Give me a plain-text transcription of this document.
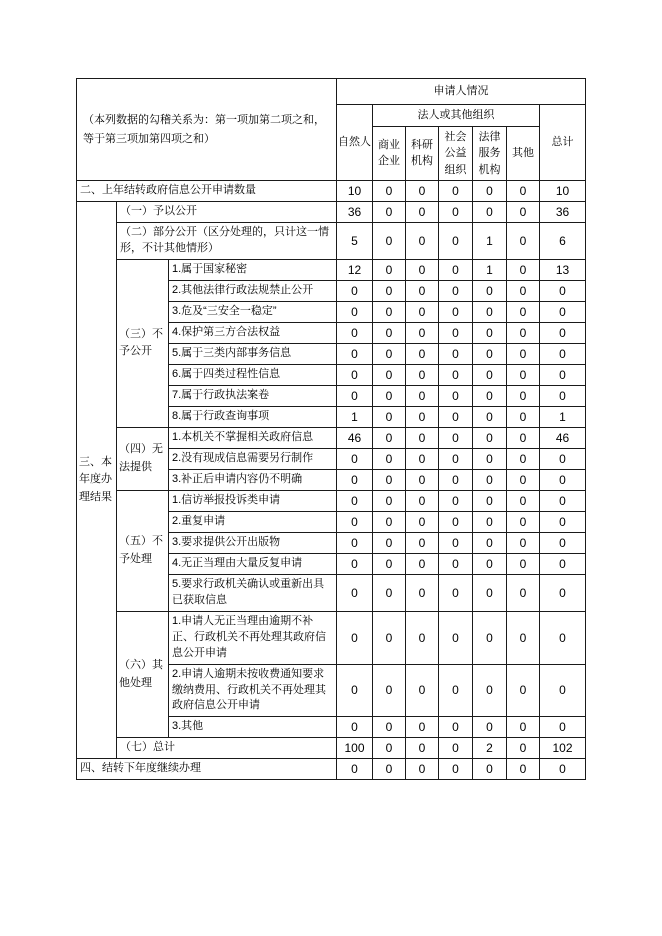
（本列数据的勾稽关系为：第一项加第二项之和，等于第三项加第四项之和）			申请人情况						
			自然人	法人或其他组织					总计
				商业企业	科研机构	社会公益组织	法律服务机构	其他	
二、上年结转政府信息公开申请数量			10	0	0	0	0	0	10
三、本年度办理结果	（一）予以公开		36	0	0	0	0	0	36
	（二）部分公开（区分处理的，只计这一情形，不计其他情形）		5	0	0	0	1	0	6
	（三）不予公开	1.属于国家秘密	12	0	0	0	1	0	13
		2.其他法律行政法规禁止公开	0	0	0	0	0	0	0
		3.危及“三安全一稳定”	0	0	0	0	0	0	0
		4.保护第三方合法权益	0	0	0	0	0	0	0
		5.属于三类内部事务信息	0	0	0	0	0	0	0
		6.属于四类过程性信息	0	0	0	0	0	0	0
		7.属于行政执法案卷	0	0	0	0	0	0	0
		8.属于行政查询事项	1	0	0	0	0	0	1
	（四）无法提供	1.本机关不掌握相关政府信息	46	0	0	0	0	0	46
		2.没有现成信息需要另行制作	0	0	0	0	0	0	0
		3.补正后申请内容仍不明确	0	0	0	0	0	0	0
	（五）不予处理	1.信访举报投诉类申请	0	0	0	0	0	0	0
		2.重复申请	0	0	0	0	0	0	0
		3.要求提供公开出版物	0	0	0	0	0	0	0
		4.无正当理由大量反复申请	0	0	0	0	0	0	0
		5.要求行政机关确认或重新出具已获取信息	0	0	0	0	0	0	0
	（六）其他处理	1.申请人无正当理由逾期不补正、行政机关不再处理其政府信息公开申请	0	0	0	0	0	0	0
		2.申请人逾期未按收费通知要求缴纳费用、行政机关不再处理其政府信息公开申请	0	0	0	0	0	0	0
		3.其他	0	0	0	0	0	0	0
	（七）总计		100	0	0	0	2	0	102
四、结转下年度继续办理			0	0	0	0	0	0	0
